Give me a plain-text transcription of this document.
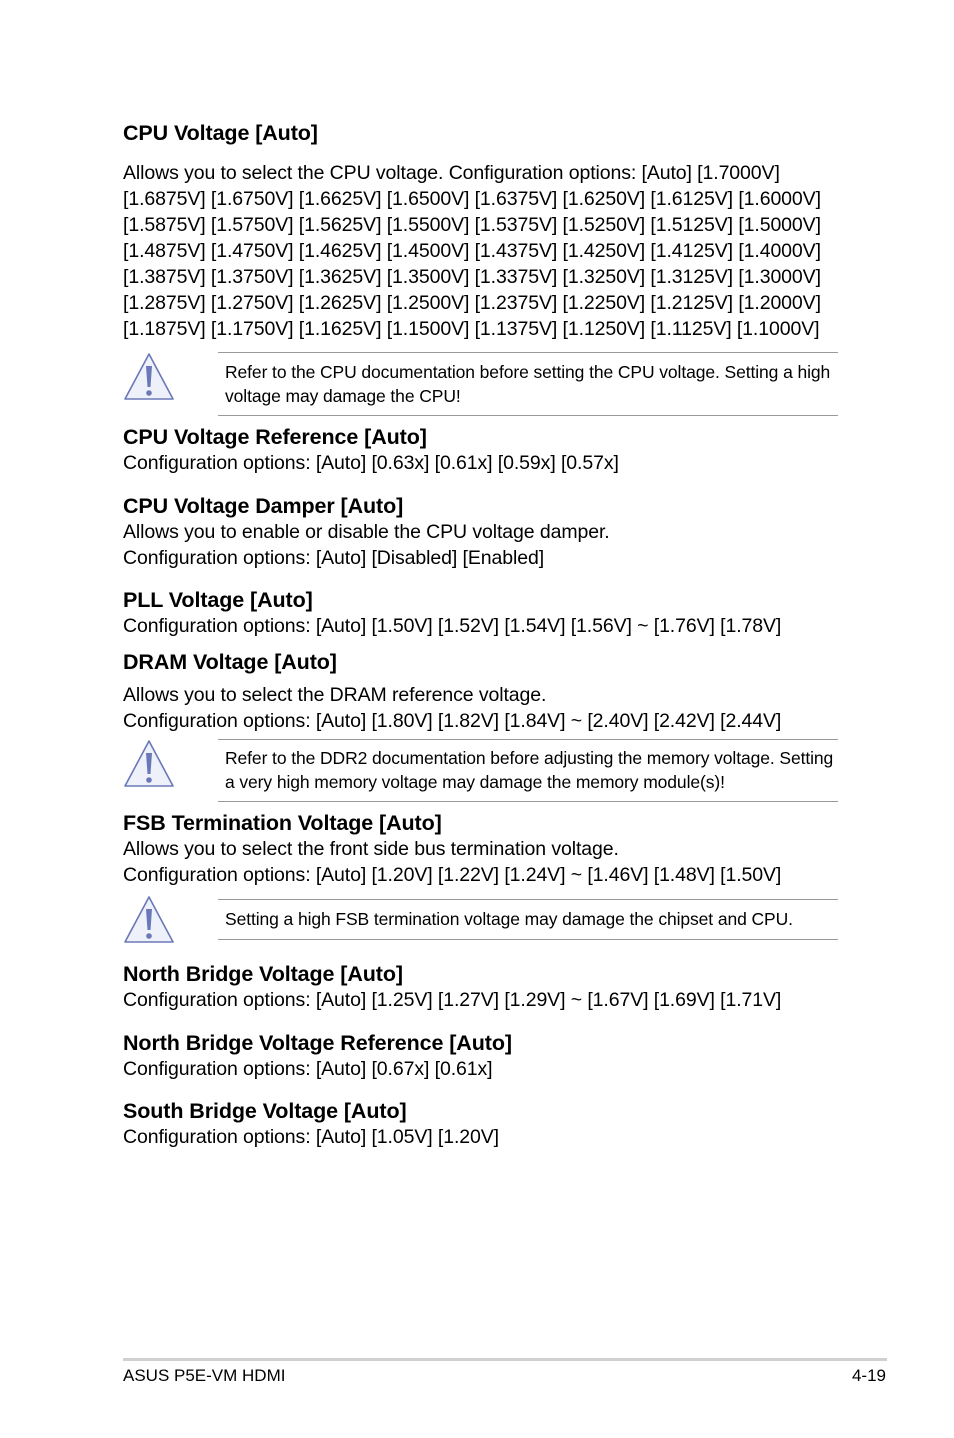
CPU Voltage [Auto]

Allows you to select the CPU voltage. Configuration options: [Auto] [1.7000V]

[1.6875V] [1.6750V] [1.6625V] [1.6500V] [1.6375V] [1.6250V] [1.6125V] [1.6000V]

[1.5875V] [1.5750V] [1.5625V] [1.5500V] [1.5375V] [1.5250V] [1.5125V] [1.5000V]

[1.4875V] [1.4750V] [1.4625V] [1.4500V] [1.4375V] [1.4250V] [1.4125V] [1.4000V]

[1.3875V] [1.3750V] [1.3625V] [1.3500V] [1.3375V] [1.3250V] [1.3125V] [1.3000V]

[1.2875V] [1.2750V] [1.2625V] [1.2500V] [1.2375V] [1.2250V] [1.2125V] [1.2000V]

[1.1875V] [1.1750V] [1.1625V] [1.1500V] [1.1375V] [1.1250V] [1.1125V] [1.1000V]

Refer to the CPU documentation before setting the CPU voltage. Setting a high
voltage may damage the CPU!
CPU Voltage Reference [Auto]

Configuration options: [Auto] [0.63x] [0.61x] [0.59x] [0.57x]

CPU Voltage Damper [Auto]

Allows you to enable or disable the CPU voltage damper.

Configuration options: [Auto] [Disabled] [Enabled]

PLL Voltage [Auto]

Configuration options: [Auto] [1.50V] [1.52V] [1.54V] [1.56V] ~ [1.76V] [1.78V]

DRAM Voltage [Auto]

Allows you to select the DRAM reference voltage.

Configuration options: [Auto] [1.80V] [1.82V] [1.84V] ~ [2.40V] [2.42V] [2.44V]

Refer to the DDR2 documentation before adjusting the memory voltage. Setting
a very high memory voltage may damage the memory module(s)!
FSB Termination Voltage [Auto]

Allows you to select the front side bus termination voltage.

Configuration options: [Auto] [1.20V] [1.22V] [1.24V] ~ [1.46V] [1.48V] [1.50V]

Setting a high FSB termination voltage may damage the chipset and CPU.
North Bridge Voltage [Auto]

Configuration options: [Auto] [1.25V] [1.27V] [1.29V] ~ [1.67V] [1.69V] [1.71V]

North Bridge Voltage Reference [Auto]

Configuration options: [Auto] [0.67x] [0.61x]

South Bridge Voltage [Auto]

Configuration options: [Auto] [1.05V] [1.20V]

ASUS P5E-VM HDMI	4-19
